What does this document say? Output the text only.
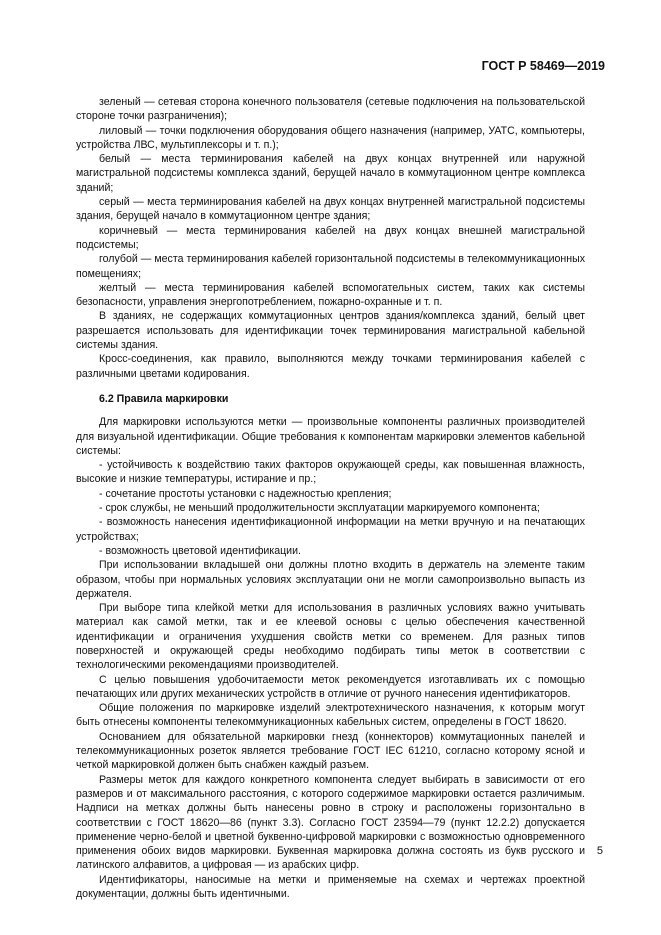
ГОСТ Р 58469—2019

зеленый — сетевая сторона конечного пользователя (сетевые подключения на пользовательской стороне точки разграничения);

лиловый — точки подключения оборудования общего назначения (например, УАТС, компьютеры, устройства ЛВС, мультиплексоры и т. п.);

белый — места терминирования кабелей на двух концах внутренней или наружной магистральной подсистемы комплекса зданий, берущей начало в коммутационном центре комплекса зданий;

серый — места терминирования кабелей на двух концах внутренней магистральной подсистемы здания, берущей начало в коммутационном центре здания;

коричневый — места терминирования кабелей на двух концах внешней магистральной подсистемы;

голубой — места терминирования кабелей горизонтальной подсистемы в телекоммуникационных помещениях;

желтый — места терминирования кабелей вспомогательных систем, таких как системы безопасности, управления энергопотреблением, пожарно-охранные и т. п.

В зданиях, не содержащих коммутационных центров здания/комплекса зданий, белый цвет разрешается использовать для идентификации точек терминирования магистральной кабельной системы здания.

Кросс-соединения, как правило, выполняются между точками терминирования кабелей с различными цветами кодирования.

6.2 Правила маркировки

Для маркировки используются метки — произвольные компоненты различных производителей для визуальной идентификации. Общие требования к компонентам маркировки элементов кабельной системы:

- устойчивость к воздействию таких факторов окружающей среды, как повышенная влажность, высокие и низкие температуры, истирание и пр.;

- сочетание простоты установки с надежностью крепления;

- срок службы, не меньший продолжительности эксплуатации маркируемого компонента;

- возможность нанесения идентификационной информации на метки вручную и на печатающих устройствах;

- возможность цветовой идентификации.

При использовании вкладышей они должны плотно входить в держатель на элементе таким образом, чтобы при нормальных условиях эксплуатации они не могли самопроизвольно выпасть из держателя.

При выборе типа клейкой метки для использования в различных условиях важно учитывать материал как самой метки, так и ее клеевой основы с целью обеспечения качественной идентификации и ограничения ухудшения свойств метки со временем. Для разных типов поверхностей и окружающей среды необходимо подбирать типы меток в соответствии с технологическими рекомендациями производителей.

С целью повышения удобочитаемости меток рекомендуется изготавливать их с помощью печатающих или других механических устройств в отличие от ручного нанесения идентификаторов.

Общие положения по маркировке изделий электротехнического назначения, к которым могут быть отнесены компоненты телекоммуникационных кабельных систем, определены в ГОСТ 18620.

Основанием для обязательной маркировки гнезд (коннекторов) коммутационных панелей и телекоммуникационных розеток является требование ГОСТ IEC 61210, согласно которому ясной и четкой маркировкой должен быть снабжен каждый разъем.

Размеры меток для каждого конкретного компонента следует выбирать в зависимости от его размеров и от максимального расстояния, с которого содержимое маркировки остается различимым. Надписи на метках должны быть нанесены ровно в строку и расположены горизонтально в соответствии с ГОСТ 18620—86 (пункт 3.3). Согласно ГОСТ 23594—79 (пункт 12.2.2) допускается применение черно-белой и цветной буквенно-цифровой маркировки с возможностью одновременного применения обоих видов маркировки. Буквенная маркировка должна состоять из букв русского и латинского алфавитов, а цифровая — из арабских цифр.

Идентификаторы, наносимые на метки и применяемые на схемах и чертежах проектной документации, должны быть идентичными.

5
